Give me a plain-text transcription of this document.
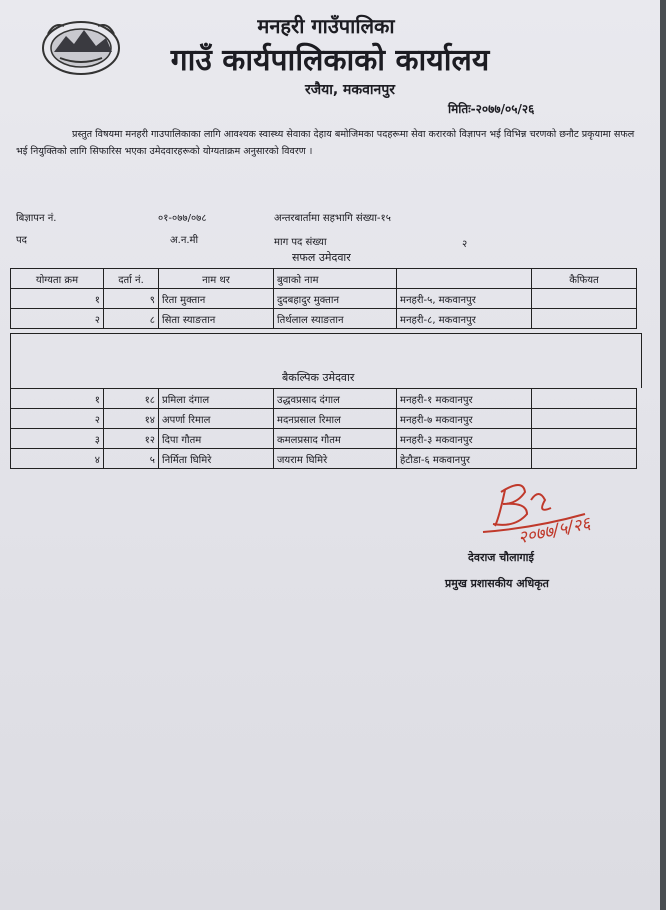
मनहरी गाउँपालिका
गाउँ कार्यपालिकाको कार्यालय
रजैया, मकवानपुर
मितिः-२०७७/०५/२६
प्रस्तुत विषयमा मनहरी गाउपालिकाका लागि आवश्यक स्वास्थ्य सेवाका देहाय बमोजिमका पदहरूमा सेवा करारको विज्ञापन भई विभिन्न चरणको छनौट प्रकृयामा सफल भई नियुक्तिको लागि सिफारिस भएका उमेदवारहरूको योग्यताक्रम अनुसारको विवरण ।
बिज्ञापन नं.	०१-०७७/०७८	अन्तरबार्तामा सहभागि संख्या-१५
पद	अ.न.मी	माग पद संख्या	२
सफल उमेदवार
योग्यता क्रम	दर्ता नं.	नाम थर	बुवाको नाम		कैफियत
१	९	रिता मुक्तान	दुदबहादुर मुक्तान	मनहरी-५, मकवानपुर	
२	८	सिता स्याङतान	तिर्थलाल स्याङतान	मनहरी-८, मकवानपुर	
बैकल्पिक उमेदवार
१	१८	प्रमिला दंगाल	उद्धवप्रसाद दंगाल	मनहरी-१ मकवानपुर	
२	१४	अपर्णा रिमाल	मदनप्रसाल रिमाल	मनहरी-७ मकवानपुर	
३	१२	दिपा गौतम	कमलप्रसाद गौतम	मनहरी-३ मकवानपुर	
४	५	निर्मिता घिमिरे	जयराम घिमिरे	हेटौडा-६ मकवानपुर	
२०७७/५/२६
देवराज चौलागाई
प्रमुख प्रशासकीय अधिकृत
